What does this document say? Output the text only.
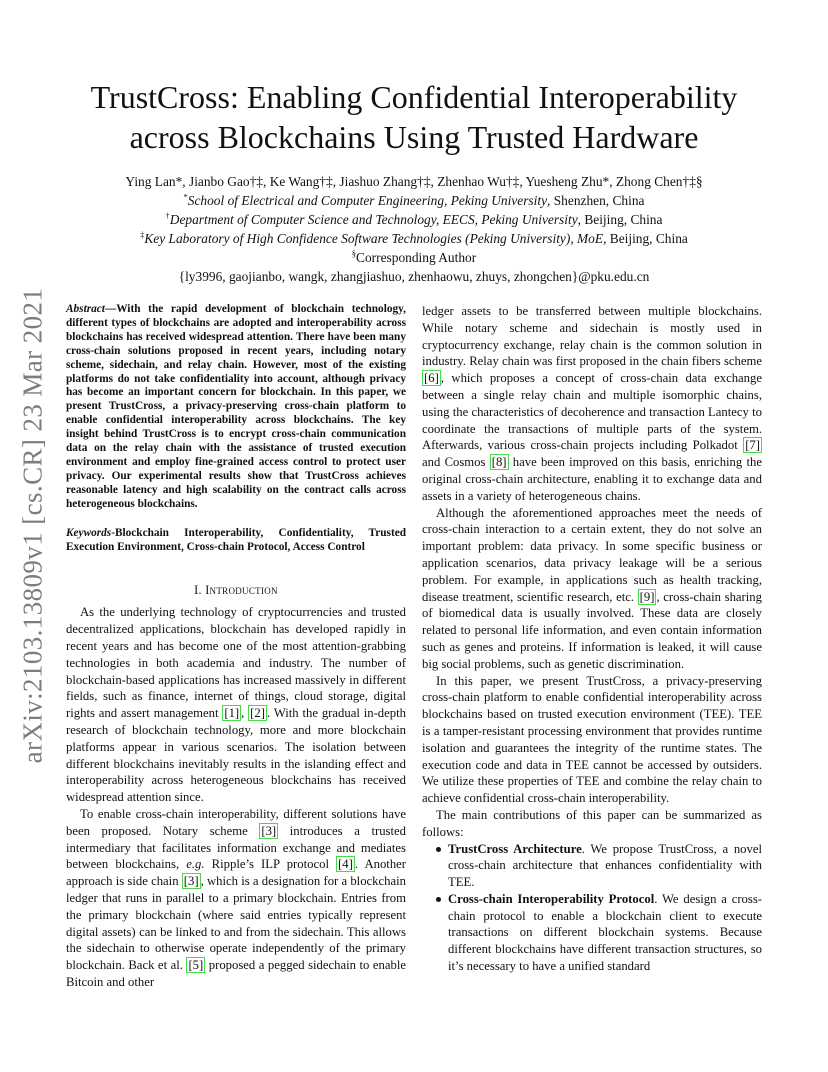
arXiv:2103.13809v1 [cs.CR] 23 Mar 2021
TrustCross: Enabling Confidential Interoperability
across Blockchains Using Trusted Hardware
Ying Lan*, Jianbo Gao†‡, Ke Wang†‡, Jiashuo Zhang†‡, Zhenhao Wu†‡, Yuesheng Zhu*, Zhong Chen†‡§
*School of Electrical and Computer Engineering, Peking University, Shenzhen, China
†Department of Computer Science and Technology, EECS, Peking University, Beijing, China
‡Key Laboratory of High Confidence Software Technologies (Peking University), MoE, Beijing, China
§Corresponding Author
{ly3996, gaojianbo, wangk, zhangjiashuo, zhenhaowu, zhuys, zhongchen}@pku.edu.cn

Abstract—With the rapid development of blockchain technology, different types of blockchains are adopted and interoperability across blockchains has received widespread attention. There have been many cross-chain solutions proposed in recent years, including notary scheme, sidechain, and relay chain. However, most of the existing platforms do not take confidentiality into account, although privacy has become an important concern for blockchain. In this paper, we present TrustCross, a privacy-preserving cross-chain platform to enable confidential interoperability across blockchains. The key insight behind TrustCross is to encrypt cross-chain communication data on the relay chain with the assistance of trusted execution environment and employ fine-grained access control to protect user privacy. Our experimental results show that TrustCross achieves reasonable latency and high scalability on the contract calls across heterogeneous blockchains.

Keywords-Blockchain Interoperability, Confidentiality, Trusted Execution Environment, Cross-chain Protocol, Access Control

I. Introduction

As the underlying technology of cryptocurrencies and trusted decentralized applications, blockchain has developed rapidly in recent years and has become one of the most attention-grabbing technologies in both academia and industry. The number of blockchain-based applications has increased massively in different fields, such as finance, internet of things, cloud storage, digital rights and assert management [1] , [2] . With the gradual in-depth research of blockchain technology, more and more blockchain platforms appear in various scenarios. The isolation between different blockchains inevitably results in the islanding effect and interoperability across heterogeneous blockchains has received widespread attention since.

To enable cross-chain interoperability, different solutions have been proposed. Notary scheme [3] introduces a trusted intermediary that facilitates information exchange and mediates between blockchains, e.g. Ripple’s ILP protocol [4] . Another approach is side chain [3] , which is a designation for a blockchain ledger that runs in parallel to a primary blockchain. Entries from the primary blockchain (where said entries typically represent digital assets) can be linked to and from the sidechain. This allows the sidechain to otherwise operate independently of the primary blockchain. Back et al. [5] proposed a pegged sidechain to enable Bitcoin and other

ledger assets to be transferred between multiple blockchains. While notary scheme and sidechain is mostly used in cryptocurrency exchange, relay chain is the common solution in industry. Relay chain was first proposed in the chain fibers scheme [6] , which proposes a concept of cross-chain data exchange between a single relay chain and multiple isomorphic chains, using the characteristics of decoherence and transaction Lantecy to coordinate the transactions of multiple parts of the system. Afterwards, various cross-chain projects including Polkadot [7] and Cosmos [8] have been improved on this basis, enriching the original cross-chain architecture, enabling it to exchange data and assets in a variety of heterogeneous chains.

Although the aforementioned approaches meet the needs of cross-chain interaction to a certain extent, they do not solve an important problem: data privacy. In some specific business or application scenarios, data privacy leakage will be a serious problem. For example, in applications such as health tracking, disease treatment, scientific research, etc. [9] , cross-chain sharing of biomedical data is usually involved. These data are closely related to personal life information, and even contain information such as genes and proteins. If information is leaked, it will cause big social problems, such as genetic discrimination.

In this paper, we present TrustCross, a privacy-preserving cross-chain platform to enable confidential interoperability across blockchains based on trusted execution environment (TEE). TEE is a tamper-resistant processing environment that provides runtime isolation and guarantees the integrity of the runtime states. The execution code and data in TEE cannot be accessed by outsiders. We utilize these properties of TEE and combine the relay chain to achieve confidential cross-chain interoperability.

The main contributions of this paper can be summarized as follows:

TrustCross Architecture. We propose TrustCross, a novel cross-chain architecture that enhances confidentiality with TEE.
Cross-chain Interoperability Protocol. We design a cross-chain protocol to enable a blockchain client to execute transactions on different blockchain systems. Because different blockchains have different transaction structures, so it’s necessary to have a unified standard
